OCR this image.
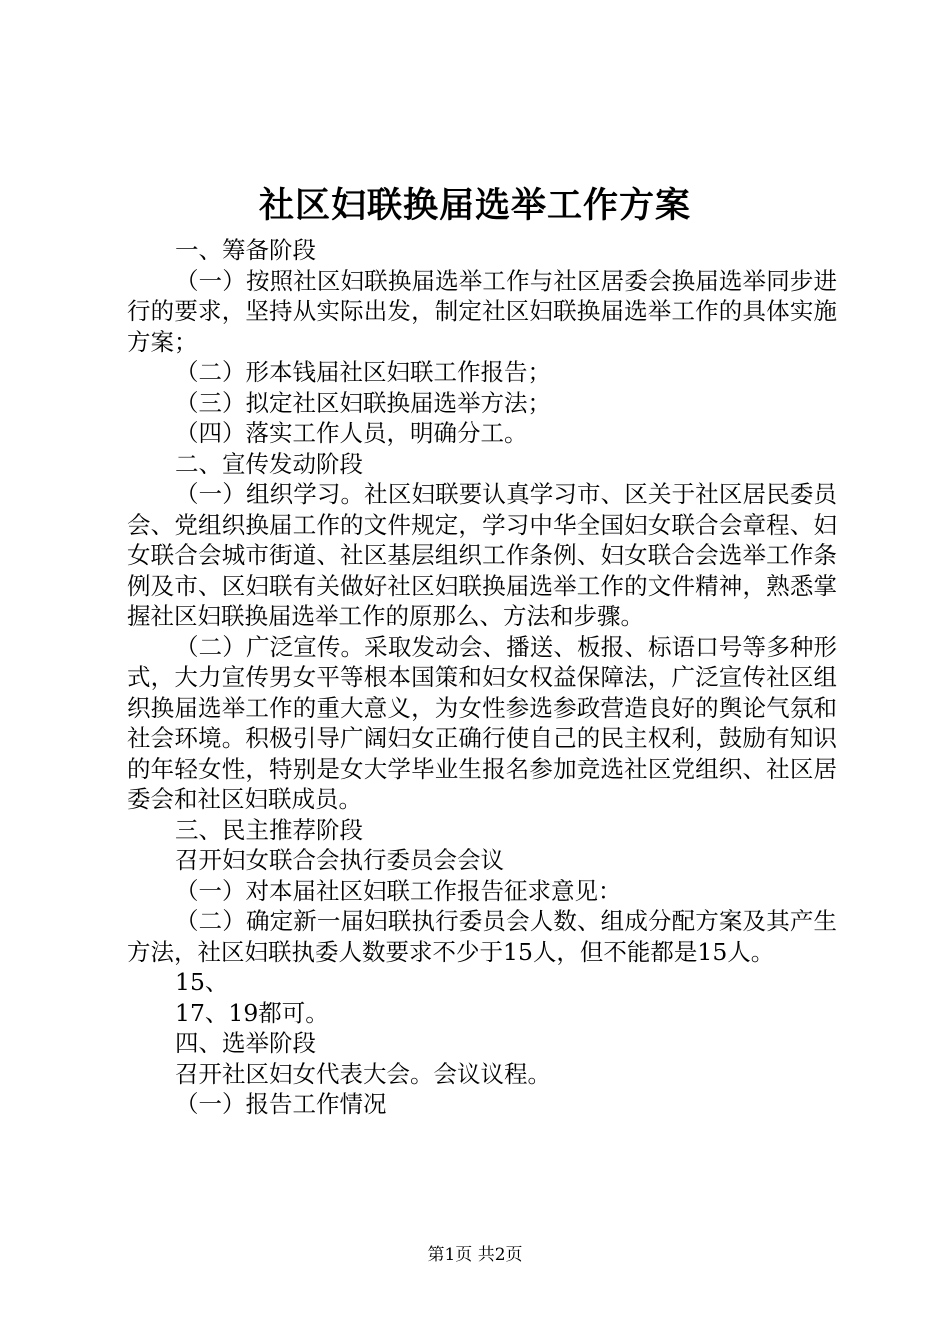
社区妇联换届选举工作方案

一、筹备阶段

（一）按照社区妇联换届选举工作与社区居委会换届选举同步进行的要求，坚持从实际出发，制定社区妇联换届选举工作的具体实施方案；

（二）形本钱届社区妇联工作报告；

（三）拟定社区妇联换届选举方法；

（四）落实工作人员，明确分工。

二、宣传发动阶段

（一）组织学习。社区妇联要认真学习市、区关于社区居民委员会、党组织换届工作的文件规定，学习中华全国妇女联合会章程、妇女联合会城市街道、社区基层组织工作条例、妇女联合会选举工作条例及市、区妇联有关做好社区妇联换届选举工作的文件精神，熟悉掌握社区妇联换届选举工作的原那么、方法和步骤。

（二）广泛宣传。采取发动会、播送、板报、标语口号等多种形式，大力宣传男女平等根本国策和妇女权益保障法，广泛宣传社区组织换届选举工作的重大意义，为女性参选参政营造良好的舆论气氛和社会环境。积极引导广阔妇女正确行使自己的民主权利，鼓励有知识的年轻女性，特别是女大学毕业生报名参加竞选社区党组织、社区居委会和社区妇联成员。

三、民主推荐阶段

召开妇女联合会执行委员会会议

（一）对本届社区妇联工作报告征求意见：

（二）确定新一届妇联执行委员会人数、组成分配方案及其产生方法，社区妇联执委人数要求不少于15人，但不能都是15人。

15、

17、19都可。

四、选举阶段

召开社区妇女代表大会。会议议程。

（一）报告工作情况

第1页 共2页
